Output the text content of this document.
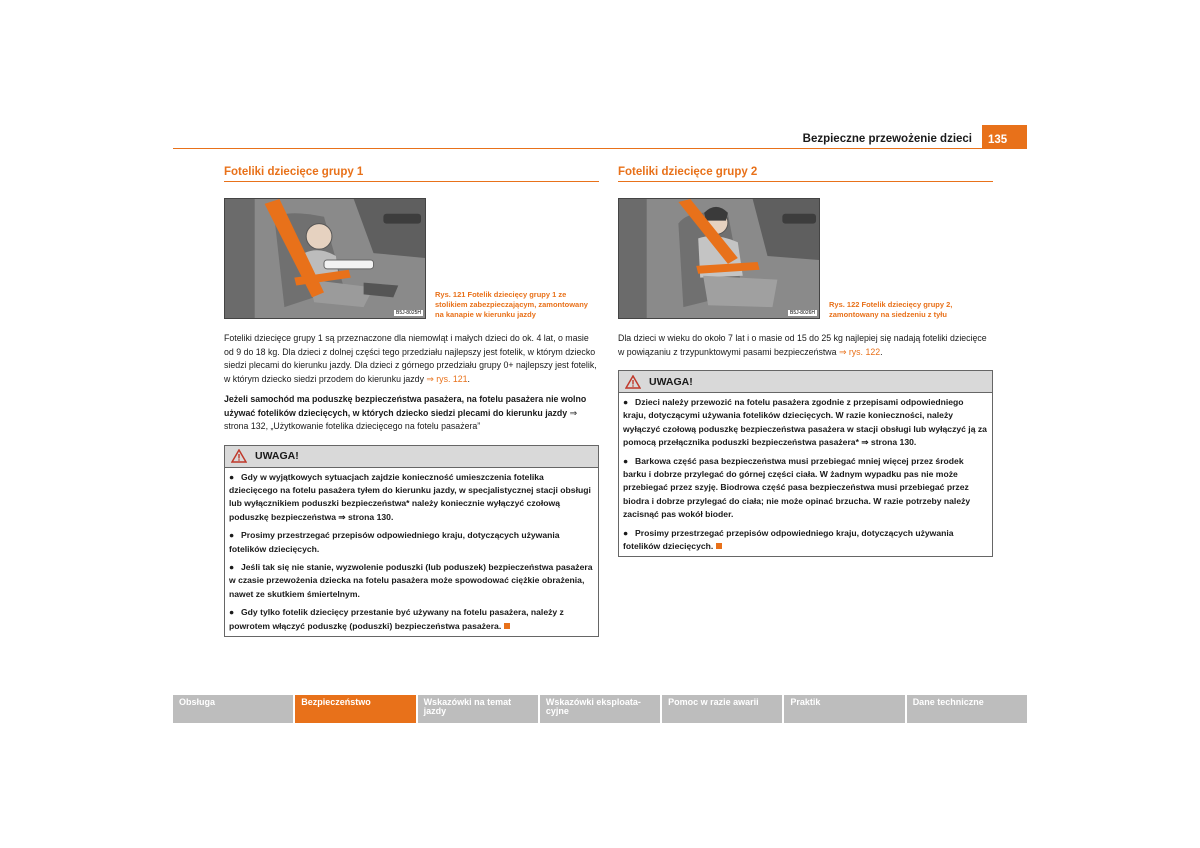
Bezpieczne przewożenie dzieci	135
Foteliki dziecięce grupy 1
B5J-8025H
Rys. 121 Fotelik dziecięcy grupy 1 ze stolikiem zabezpieczającym, zamontowany na kanapie w kierunku jazdy

Foteliki dziecięce grupy 1 są przeznaczone dla niemowląt i małych dzieci do ok. 4 lat, o masie od 9 do 18 kg. Dla dzieci z dolnej części tego przedziału najlepszy jest fotelik, w którym dziecko siedzi plecami do kierunku jazdy. Dla dzieci z górnego przedziału grupy 0+ najlepszy jest fotelik, w którym dziecko siedzi przodem do kierunku jazdy ⇒ rys. 121.

Jeżeli samochód ma poduszkę bezpieczeństwa pasażera, na fotelu pasażera nie wolno używać fotelików dziecięcych, w których dziecko siedzi plecami do kierunku jazdy ⇒ strona 132, „Użytkowanie fotelika dziecięcego na fotelu pasażera”

UWAGA!
● Gdy w wyjątkowych sytuacjach zajdzie konieczność umieszczenia fotelika dziecięcego na fotelu pasażera tyłem do kierunku jazdy, w specjalistycznej stacji obsługi lub wyłącznikiem poduszki bezpieczeństwa* należy koniecznie wyłączyć czołową poduszkę bezpieczeństwa ⇒ strona 130.
● Prosimy przestrzegać przepisów odpowiedniego kraju, dotyczących używania fotelików dziecięcych.
● Jeśli tak się nie stanie, wyzwolenie poduszki (lub poduszek) bezpieczeństwa pasażera w czasie przewożenia dziecka na fotelu pasażera może spowodować ciężkie obrażenia, nawet ze skutkiem śmiertelnym.
● Gdy tylko fotelik dziecięcy przestanie być używany na fotelu pasażera, należy z powrotem włączyć poduszkę (poduszki) bezpieczeństwa pasażera.
Foteliki dziecięce grupy 2
B5J-8026H
Rys. 122 Fotelik dziecięcy grupy 2, zamontowany na siedzeniu z tyłu

Dla dzieci w wieku do około 7 lat i o masie od 15 do 25 kg najlepiej się nadają foteliki dziecięce w powiązaniu z trzypunktowymi pasami bezpieczeństwa ⇒ rys. 122.

UWAGA!
● Dzieci należy przewozić na fotelu pasażera zgodnie z przepisami odpowiedniego kraju, dotyczącymi używania fotelików dziecięcych. W razie konieczności, należy wyłączyć czołową poduszkę bezpieczeństwa pasażera w stacji obsługi lub wyłączyć ją za pomocą przełącznika poduszki bezpieczeństwa pasażera* ⇒ strona 130.
● Barkowa część pasa bezpieczeństwa musi przebiegać mniej więcej przez środek barku i dobrze przylegać do górnej części ciała. W żadnym wypadku pas nie może przebiegać przez szyję. Biodrowa część pasa bezpieczeństwa musi przebiegać przez biodra i dobrze przylegać do ciała; nie może opinać brzucha. W razie potrzeby należy zacisnąć pas wokół bioder.
● Prosimy przestrzegać przepisów odpowiedniego kraju, dotyczących używania fotelików dziecięcych.
Obsługa	Bezpieczeństwo	Wskazówki na temat jazdy
Wskazówki eksploatacyjne
Pomoc w razie awarii	Praktik	Dane techniczne
